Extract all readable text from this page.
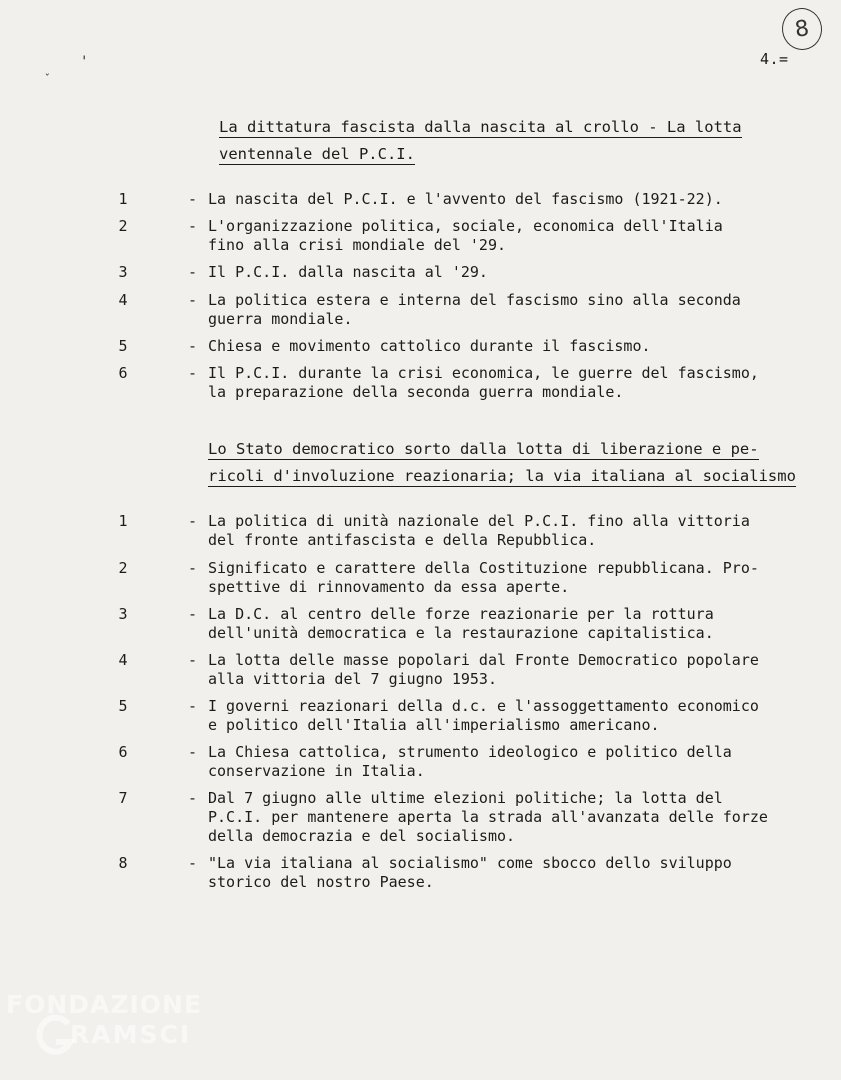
'
ˇ
8
4.=
La dittatura fascista dalla nascita al crollo - La lotta
ventennale del P.C.I.
1	- La nascita del P.C.I. e l'avvento del fascismo (1921-22).
2	- L'organizzazione politica, sociale, economica dell'Italia
fino alla crisi mondiale del '29.
3	- Il P.C.I. dalla nascita al '29.
4	- La politica estera e interna del fascismo sino alla seconda
guerra mondiale.
5	- Chiesa e movimento cattolico durante il fascismo.
6	- Il P.C.I. durante la crisi economica, le guerre del fascismo,
la preparazione della seconda guerra mondiale.
Lo Stato democratico sorto dalla lotta di liberazione e pe-
ricoli d'involuzione reazionaria; la via italiana al socialismo
1	- La politica di unità nazionale del P.C.I. fino alla vittoria
del fronte antifascista e della Repubblica.
2	- Significato e carattere della Costituzione repubblicana. Pro-
spettive di rinnovamento da essa aperte.
3	- La D.C. al centro delle forze reazionarie per la rottura
dell'unità democratica e la restaurazione capitalistica.
4	- La lotta delle masse popolari dal Fronte Democratico popolare
alla vittoria del 7 giugno 1953.
5	- I governi reazionari della d.c. e l'assoggettamento economico
e politico dell'Italia all'imperialismo americano.
6	- La Chiesa cattolica, strumento ideologico e politico della
conservazione in Italia.
7	- Dal 7 giugno alle ultime elezioni politiche; la lotta del
P.C.I. per mantenere aperta la strada all'avanzata delle forze
della democrazia e del socialismo.
8	- "La via italiana al socialismo" come sbocco dello sviluppo
storico del nostro Paese.
FONDAZIONE
RAMSCI
